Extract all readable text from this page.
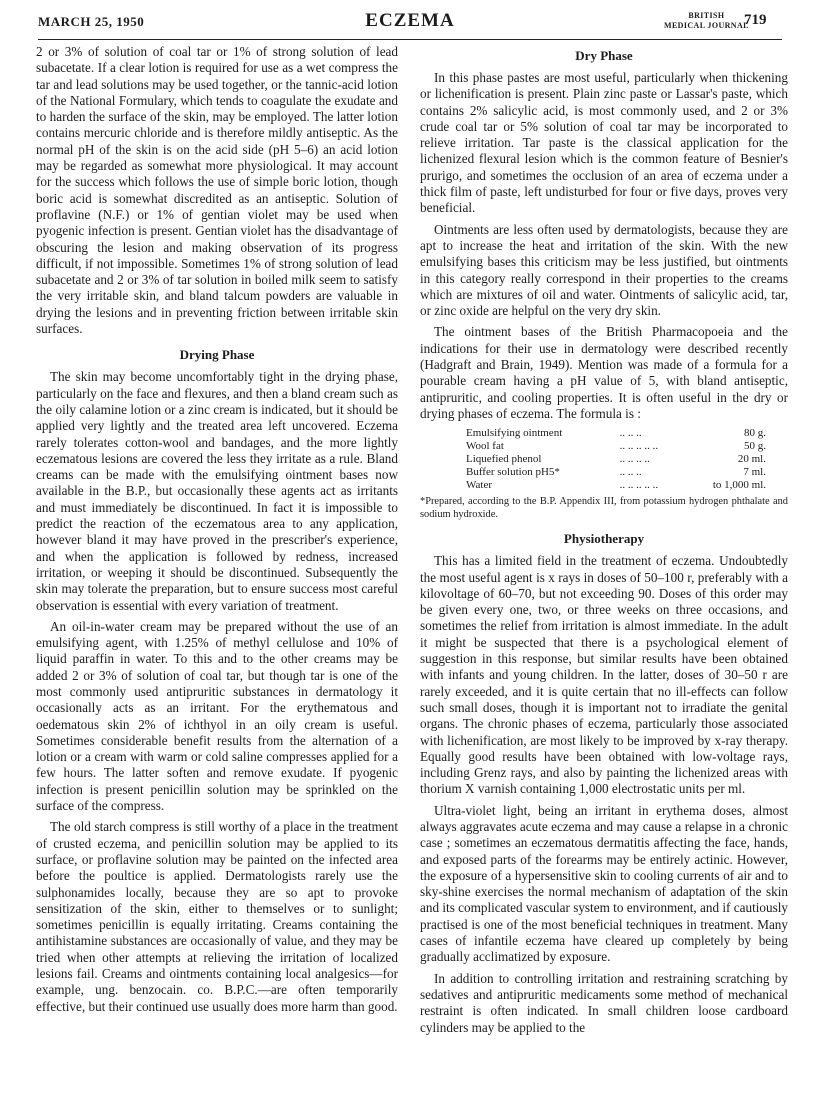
MARCH 25, 1950	ECZEMA	BRITISH
MEDICAL JOURNAL
719

2 or 3% of solution of coal tar or 1% of strong solution of lead subacetate. If a clear lotion is required for use as a wet compress the tar and lead solutions may be used together, or the tannic-acid lotion of the National Formulary, which tends to coagulate the exudate and to harden the surface of the skin, may be employed. The latter lotion contains mercuric chloride and is therefore mildly antiseptic. As the normal pH of the skin is on the acid side (pH 5–6) an acid lotion may be regarded as somewhat more physiological. It may account for the success which follows the use of simple boric lotion, though boric acid is somewhat discredited as an antiseptic. Solution of proflavine (N.F.) or 1% of gentian violet may be used when pyogenic infection is present. Gentian violet has the disadvantage of obscuring the lesion and making observation of its progress difficult, if not impossible. Sometimes 1% of strong solution of lead subacetate and 2 or 3% of tar solution in boiled milk seem to satisfy the very irritable skin, and bland talcum powders are valuable in drying the lesions and in preventing friction between irritable skin surfaces.

Drying Phase

The skin may become uncomfortably tight in the drying phase, particularly on the face and flexures, and then a bland cream such as the oily calamine lotion or a zinc cream is indicated, but it should be applied very lightly and the treated area left uncovered. Eczema rarely tolerates cotton-wool and bandages, and the more lightly eczematous lesions are covered the less they irritate as a rule. Bland creams can be made with the emulsifying ointment bases now available in the B.P., but occasionally these agents act as irritants and must immediately be discontinued. In fact it is impossible to predict the reaction of the eczematous area to any application, however bland it may have proved in the prescriber's experience, and when the application is followed by redness, increased irritation, or weeping it should be discontinued. Subsequently the skin may tolerate the preparation, but to ensure success most careful observation is essential with every variation of treatment.

An oil-in-water cream may be prepared without the use of an emulsifying agent, with 1.25% of methyl cellulose and 10% of liquid paraffin in water. To this and to the other creams may be added 2 or 3% of solution of coal tar, but though tar is one of the most commonly used antipruritic substances in dermatology it occasionally acts as an irritant. For the erythematous and oedematous skin 2% of ichthyol in an oily cream is useful. Sometimes considerable benefit results from the alternation of a lotion or a cream with warm or cold saline compresses applied for a few hours. The latter soften and remove exudate. If pyogenic infection is present penicillin solution may be sprinkled on the surface of the compress.

The old starch compress is still worthy of a place in the treatment of crusted eczema, and penicillin solution may be applied to its surface, or proflavine solution may be painted on the infected area before the poultice is applied. Dermatologists rarely use the sulphonamides locally, because they are so apt to provoke sensitization of the skin, either to themselves or to sunlight; sometimes penicillin is equally irritating. Creams containing the antihistamine substances are occasionally of value, and they may be tried when other attempts at relieving the irritation of localized lesions fail. Creams and ointments containing local analgesics—for example, ung. benzocain. co. B.P.C.—are often temporarily effective, but their continued use usually does more harm than good.

Dry Phase

In this phase pastes are most useful, particularly when thickening or lichenification is present. Plain zinc paste or Lassar's paste, which contains 2% salicylic acid, is most commonly used, and 2 or 3% crude coal tar or 5% solution of coal tar may be incorporated to relieve irritation. Tar paste is the classical application for the lichenized flexural lesion which is the common feature of Besnier's prurigo, and sometimes the occlusion of an area of eczema under a thick film of paste, left undisturbed for four or five days, proves very beneficial.

Ointments are less often used by dermatologists, because they are apt to increase the heat and irritation of the skin. With the new emulsifying bases this criticism may be less justified, but ointments in this category really correspond in their properties to the creams which are mixtures of oil and water. Ointments of salicylic acid, tar, or zinc oxide are helpful on the very dry skin.

The ointment bases of the British Pharmacopoeia and the indications for their use in dermatology were described recently (Hadgraft and Brain, 1949). Mention was made of a formula for a pourable cream having a pH value of 5, with bland antiseptic, antipruritic, and cooling properties. It is often useful in the dry or drying phases of eczema. The formula is :

Emulsifying ointment	.. .. ..	80 g.
Wool fat	.. .. .. .. ..	50 g.
Liquefied phenol	.. .. .. ..	20 ml.
Buffer solution pH5*	.. .. ..	7 ml.
Water	.. .. .. .. ..	to 1,000 ml.

*Prepared, according to the B.P. Appendix III, from potassium hydrogen phthalate and sodium hydroxide.

Physiotherapy

This has a limited field in the treatment of eczema. Undoubtedly the most useful agent is x rays in doses of 50–100 r, preferably with a kilovoltage of 60–70, but not exceeding 90. Doses of this order may be given every one, two, or three weeks on three occasions, and sometimes the relief from irritation is almost immediate. In the adult it might be suspected that there is a psychological element of suggestion in this response, but similar results have been obtained with infants and young children. In the latter, doses of 30–50 r are rarely exceeded, and it is quite certain that no ill-effects can follow such small doses, though it is important not to irradiate the genital organs. The chronic phases of eczema, particularly those associated with lichenification, are most likely to be improved by x-ray therapy. Equally good results have been obtained with low-voltage rays, including Grenz rays, and also by painting the lichenized areas with thorium X varnish containing 1,000 electrostatic units per ml.

Ultra-violet light, being an irritant in erythema doses, almost always aggravates acute eczema and may cause a relapse in a chronic case ; sometimes an eczematous dermatitis affecting the face, hands, and exposed parts of the forearms may be entirely actinic. However, the exposure of a hypersensitive skin to cooling currents of air and to sky-shine exercises the normal mechanism of adaptation of the skin and its complicated vascular system to environment, and if cautiously practised is one of the most beneficial techniques in treatment. Many cases of infantile eczema have cleared up completely by being gradually acclimatized by exposure.

In addition to controlling irritation and restraining scratching by sedatives and antipruritic medicaments some method of mechanical restraint is often indicated. In small children loose cardboard cylinders may be applied to the
